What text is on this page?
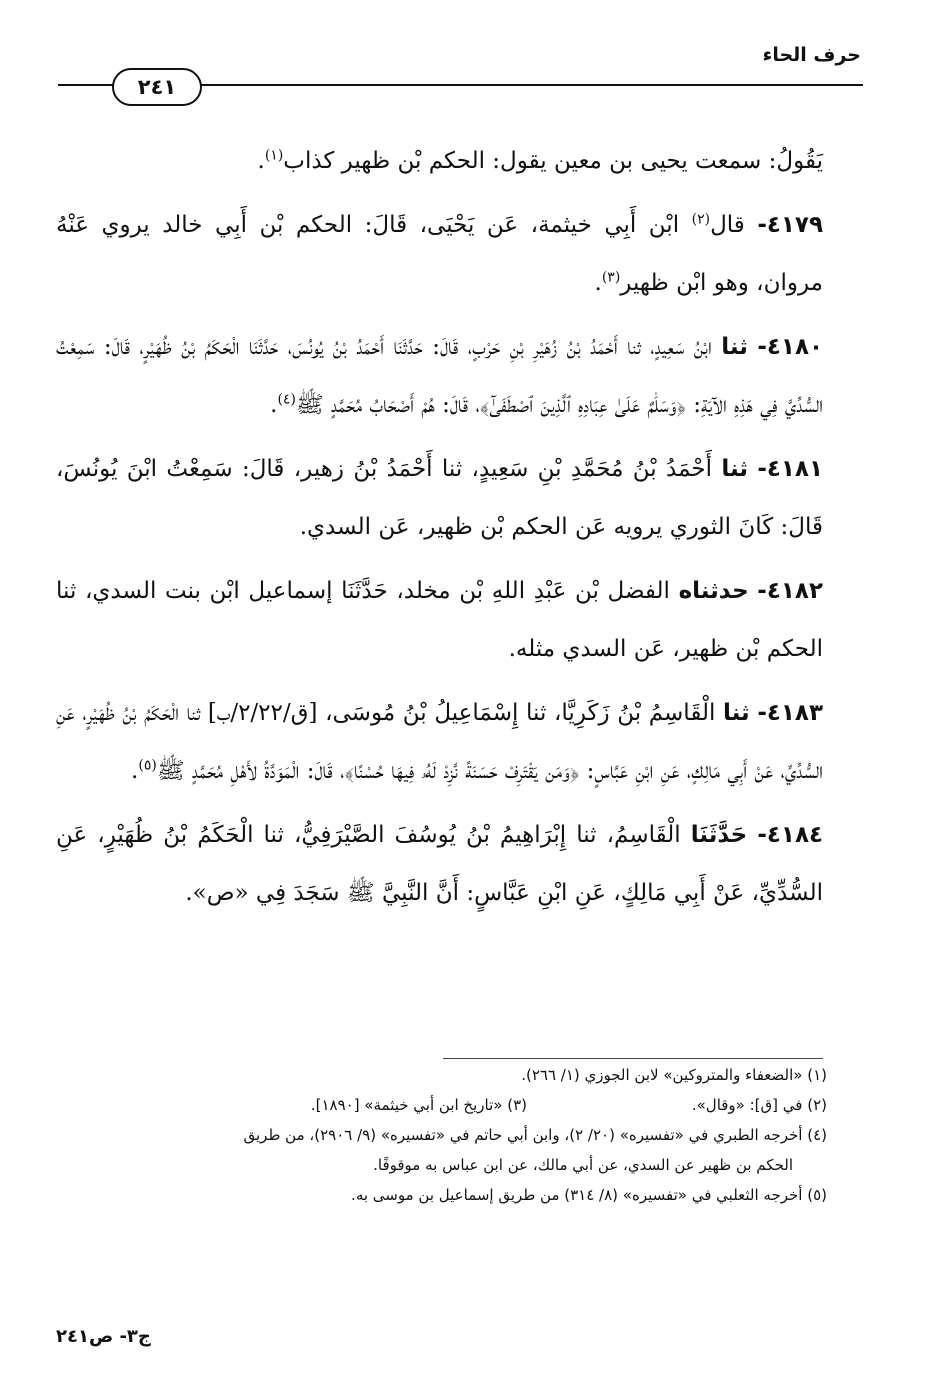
حرف الحاء
٢٤١

يَقُولُ: سمعت يحيى بن معين يقول: الحكم بْن ظهير كذاب$^{(١)}$.

٤١٧٩- قال$^{(٢)}$ ابْن أَبِي خيثمة، عَن يَحْيَى، قَالَ: الحكم بْن أَبِي خالد يروي عَنْهُ مروان، وهو ابْن ظهير$^{(٣)}$.

٤١٨٠- ثنا ابْنُ سَعِيدٍ، ثنا أَحْمَدُ بْنُ زُهَيْرِ بْنِ حَرْبٍ، قَالَ: حَدَّثَنَا أَحْمَدُ بْنُ يُونُسَ، حَدَّثَنَا الْحَكَمُ بْنُ ظُهَيْرٍ، قَالَ: سَمِعْتُ السُّدِّيَّ فِي هَذِهِ الآيَةِ: ﴿وَسَلَٰمٌ عَلَىٰ عِبَادِهِ ٱلَّذِينَ ٱصْطَفَىٰٓ﴾، قَالَ: هُمْ أَصْحَابُ مُحَمَّدٍ ﷺ$^{(٤)}$.

٤١٨١- ثنا أَحْمَدُ بْنُ مُحَمَّدِ بْنِ سَعِيدٍ، ثنا أَحْمَدُ بْنُ زهير، قَالَ: سَمِعْتُ ابْنَ يُونُسَ، قَالَ: كَانَ الثوري يرويه عَن الحكم بْن ظهير، عَن السدي.

٤١٨٢- حدثناه الفضل بْن عَبْدِ اللهِ بْن مخلد، حَدَّثَنَا إسماعيل ابْن بنت السدي، ثنا الحكم بْن ظهير، عَن السدي مثله.

٤١٨٣- ثنا الْقَاسِمُ بْنُ زَكَرِيَّا، ثنا إِسْمَاعِيلُ بْنُ مُوسَى، [ق/٢/٢٢/ب] ثنا الْحَكَمُ بْنُ ظُهَيْرٍ، عَنِ السُّدِّيِّ، عَنْ أَبِي مَالِكٍ، عَنِ ابْنِ عَبَّاسٍ: ﴿وَمَن يَقْتَرِفْ حَسَنَةً نَّزِدْ لَهُۥ فِيهَا حُسْنًا﴾، قَالَ: الْمَوَدَّةُ لأَهْلِ مُحَمَّدٍ ﷺ$^{(٥)}$.

٤١٨٤- حَدَّثَنَا الْقَاسِمُ، ثنا إِبْرَاهِيمُ بْنُ يُوسُفَ الصَّيْرَفِيُّ، ثنا الْحَكَمُ بْنُ ظُهَيْرٍ، عَنِ السُّدِّيِّ، عَنْ أَبِي مَالِكٍ، عَنِ ابْنِ عَبَّاسٍ: أَنَّ النَّبِيَّ ﷺ سَجَدَ فِي «ص».

(١) «الضعفاء والمتروكين» لابن الجوزي (١/ ٢٦٦).

(٢) في [ق]: «وقال».

(٣) «تاريخ ابن أبي خيثمة» [١٨٩٠].

(٤) أخرجه الطبري في «تفسيره» (٢٠/ ٢)، وابن أبي حاتم في «تفسيره» (٩/ ٢٩٠٦)، من طريق

الحكم بن ظهير عن السدي، عن أبي مالك، عن ابن عباس به موقوفًا.

(٥) أخرجه الثعلبي في «تفسيره» (٨/ ٣١٤) من طريق إسماعيل بن موسى به.

ج٣- ص٢٤١
